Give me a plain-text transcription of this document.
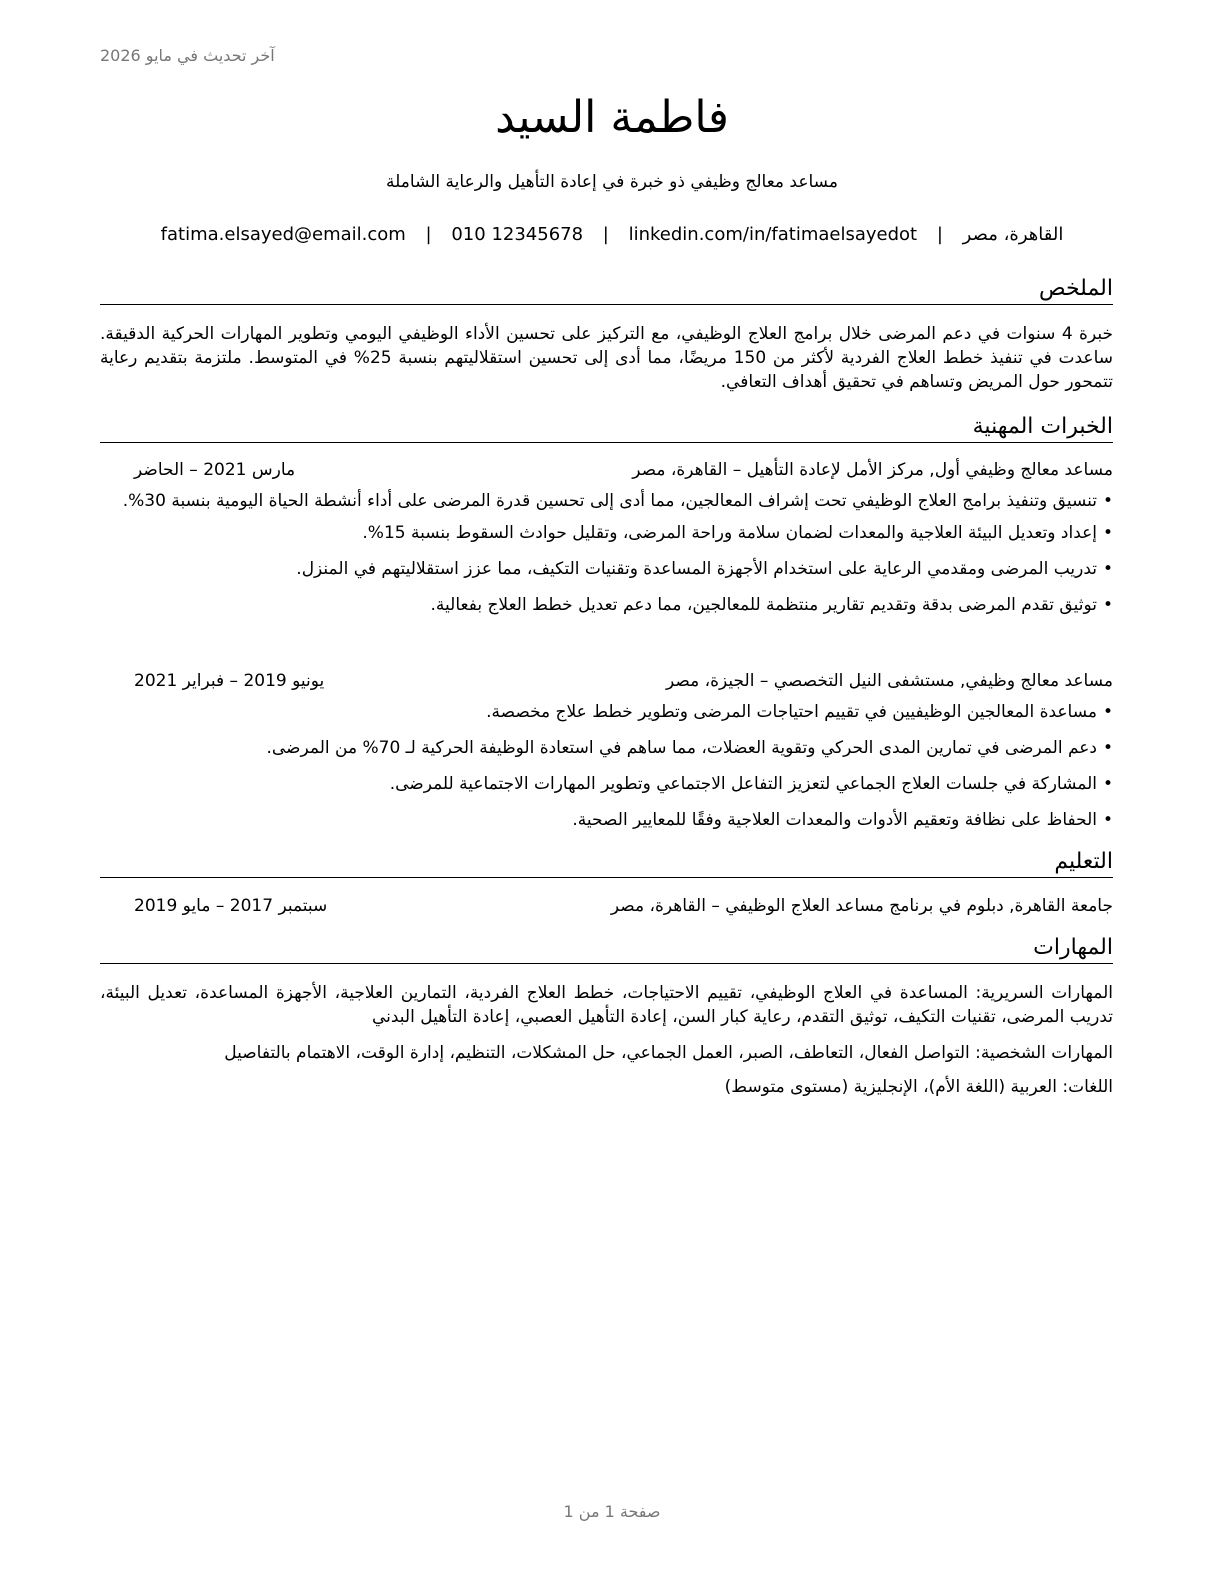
آخر تحديث في مايو 2026
فاطمة السيد
مساعد معالج وظيفي ذو خبرة في إعادة التأهيل والرعاية الشاملة
القاهرة، مصر | fatima.elsayed@email.com | 010 12345678 | linkedin.com/in/fatimaelsayedot
الملخص

خبرة 4 سنوات في دعم المرضى خلال برامج العلاج الوظيفي، مع التركيز على تحسين الأداء الوظيفي اليومي وتطوير المهارات الحركية الدقيقة. ساعدت في تنفيذ خطط العلاج الفردية لأكثر من 150 مريضًا، مما أدى إلى تحسين استقلاليتهم بنسبة 25% في المتوسط. ملتزمة بتقديم رعاية تتمحور حول المريض وتساهم في تحقيق أهداف التعافي.

الخبرات المهنية
مساعد معالج وظيفي أول, مركز الأمل لإعادة التأهيل – القاهرة، مصر
مارس 2021 – الحاضر
• تنسيق وتنفيذ برامج العلاج الوظيفي تحت إشراف المعالجين، مما أدى إلى تحسين قدرة المرضى على أداء أنشطة الحياة اليومية بنسبة 30%.
• إعداد وتعديل البيئة العلاجية والمعدات لضمان سلامة وراحة المرضى، وتقليل حوادث السقوط بنسبة 15%.
• تدريب المرضى ومقدمي الرعاية على استخدام الأجهزة المساعدة وتقنيات التكيف، مما عزز استقلاليتهم في المنزل.
• توثيق تقدم المرضى بدقة وتقديم تقارير منتظمة للمعالجين، مما دعم تعديل خطط العلاج بفعالية.
مساعد معالج وظيفي, مستشفى النيل التخصصي – الجيزة، مصر
يونيو 2019 – فبراير 2021
• مساعدة المعالجين الوظيفيين في تقييم احتياجات المرضى وتطوير خطط علاج مخصصة.
• دعم المرضى في تمارين المدى الحركي وتقوية العضلات، مما ساهم في استعادة الوظيفة الحركية لـ 70% من المرضى.
• المشاركة في جلسات العلاج الجماعي لتعزيز التفاعل الاجتماعي وتطوير المهارات الاجتماعية للمرضى.
• الحفاظ على نظافة وتعقيم الأدوات والمعدات العلاجية وفقًا للمعايير الصحية.
التعليم
جامعة القاهرة, دبلوم في برنامج مساعد العلاج الوظيفي – القاهرة، مصر
سبتمبر 2017 – مايو 2019
المهارات

المهارات السريرية: المساعدة في العلاج الوظيفي، تقييم الاحتياجات، خطط العلاج الفردية، التمارين العلاجية، الأجهزة المساعدة، تعديل البيئة، تدريب المرضى، تقنيات التكيف، توثيق التقدم، رعاية كبار السن، إعادة التأهيل العصبي، إعادة التأهيل البدني

المهارات الشخصية: التواصل الفعال، التعاطف، الصبر، العمل الجماعي، حل المشكلات، التنظيم، إدارة الوقت، الاهتمام بالتفاصيل

اللغات: العربية (اللغة الأم)، الإنجليزية (مستوى متوسط)

صفحة 1 من 1
